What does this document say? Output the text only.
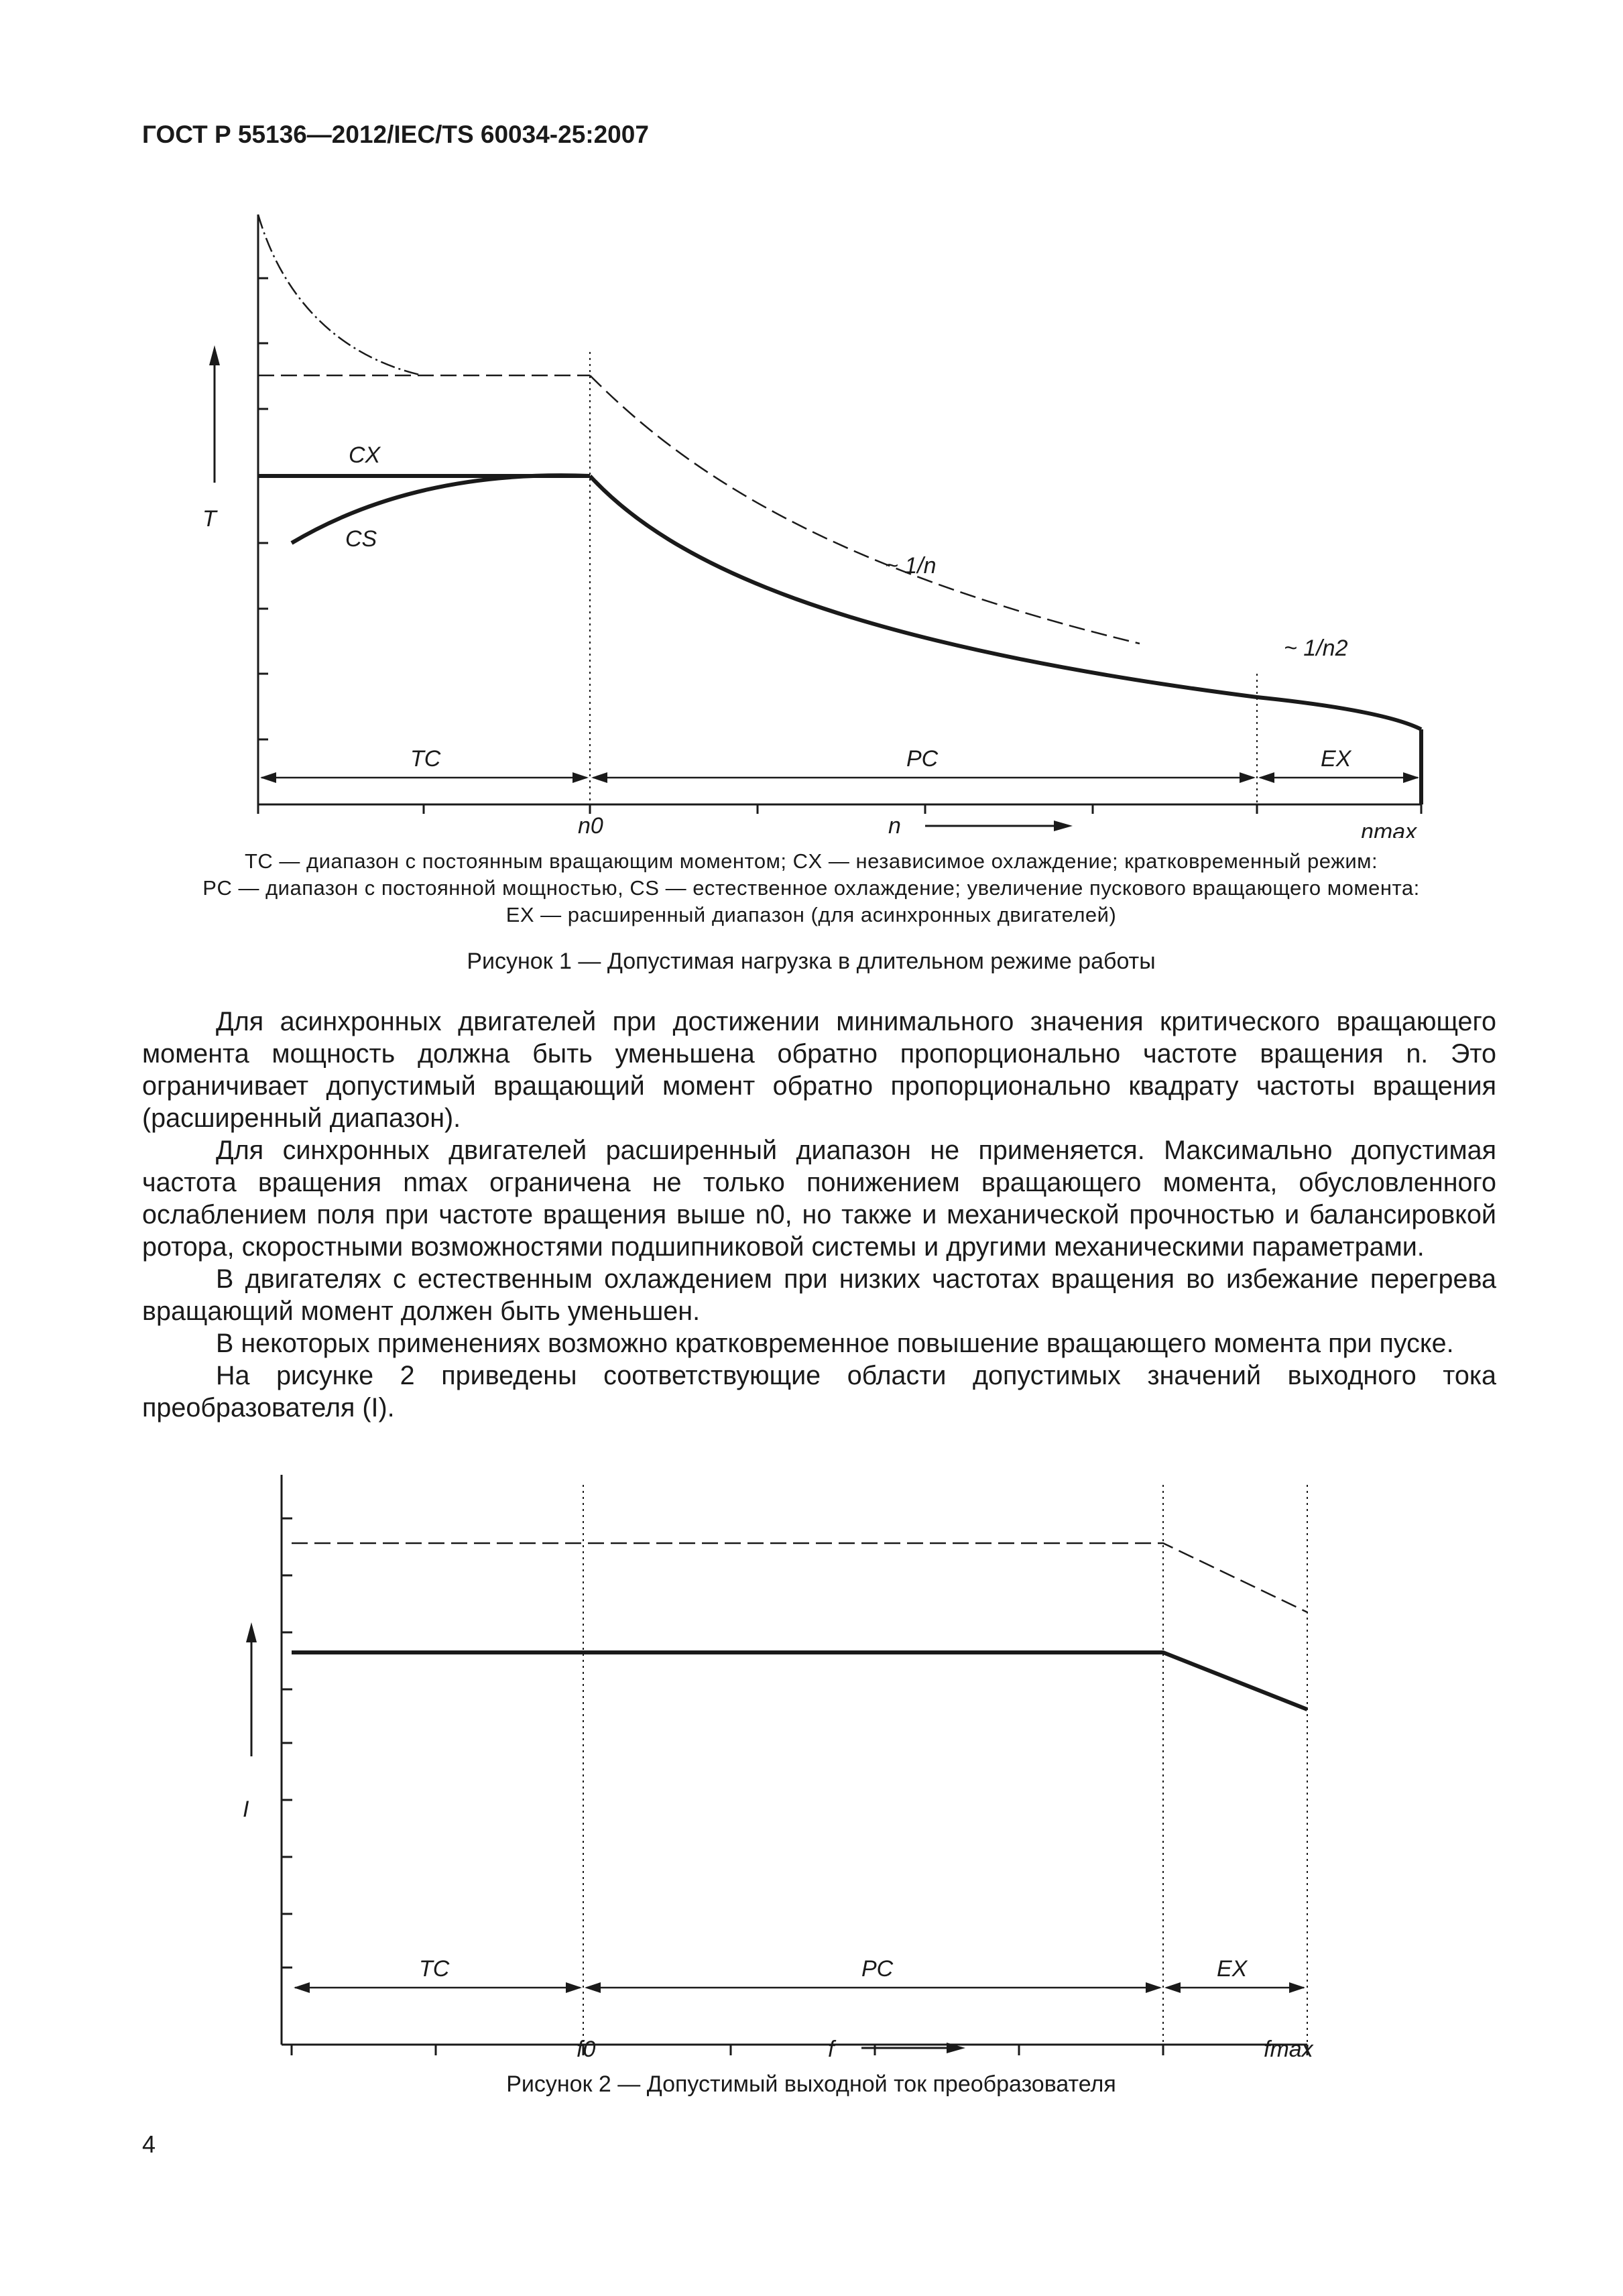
ГОСТ Р 55136—2012/IEC/TS 60034-25:2007
T
CX
CS
~ 1/n
~ 1/n2
TC	PC	EX
n0	n	nmax
TC — диапазон с постоянным вращающим моментом; CX — независимое охлаждение; кратковременный режим:
PC — диапазон с постоянной мощностью, CS — естественное охлаждение; увеличение пускового вращающего момента:
EX — расширенный диапазон (для асинхронных двигателей)
Рисунок 1 — Допустимая нагрузка в длительном режиме работы

Для асинхронных двигателей при достижении минимального значения критического вращающего момента мощность должна быть уменьшена обратно пропорционально частоте вращения n. Это ограничивает допустимый вращающий момент обратно пропорционально квадрату частоты вращения (расширенный диапазон).

Для синхронных двигателей расширенный диапазон не применяется. Максимально допустимая частота вращения nmax ограничена не только понижением вращающего момента, обусловленного ослаблением поля при частоте вращения выше n0, но также и механической прочностью и балансировкой ротора, скоростными возможностями подшипниковой системы и другими механическими параметрами.

В двигателях с естественным охлаждением при низких частотах вращения во избежание перегрева вращающий момент должен быть уменьшен.

В некоторых применениях возможно кратковременное повышение вращающего момента при пуске.

На рисунке 2 приведены соответствующие области допустимых значений выходного тока преобразователя (I).

I
TC	PC	EX
f0	f	fmax
Рисунок 2 — Допустимый выходной ток преобразователя
4
